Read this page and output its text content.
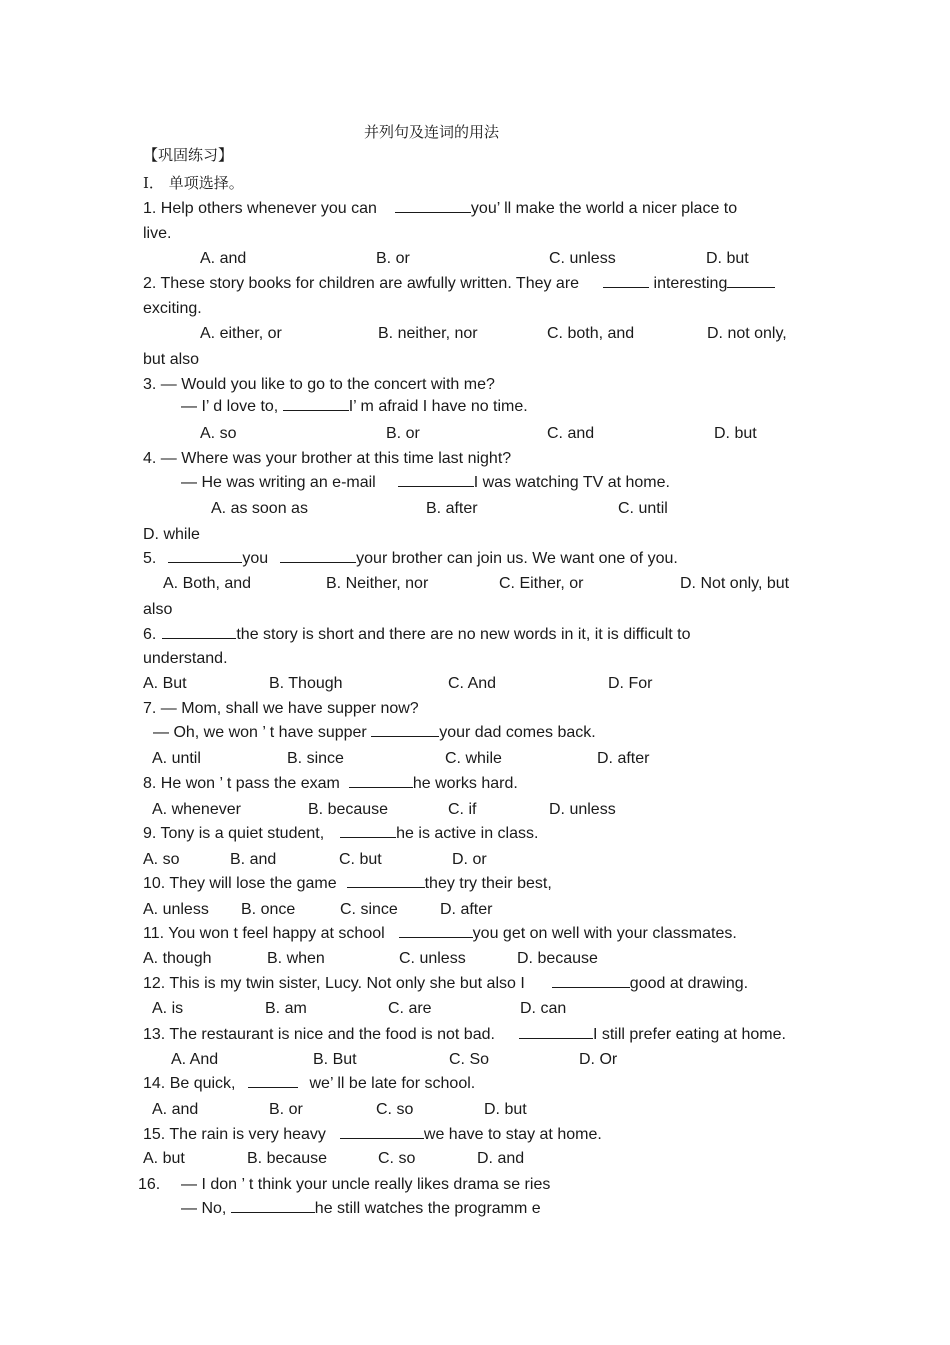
并列句及连词的用法
【巩固练习】
I． 单项选择。
1. Help others whenever you can	you’ ll make the world a nicer place to
live.
A. and	B. or	C. unless	D. but
2. These story books for children are awfully written. They are	interesting
exciting.
A. either, or	B. neither, nor	C. both, and	D. not only,
but also
3. — Would you like to go to the concert with me?
— I’ d love to,	I’ m afraid I have no time.
A. so	B. or	C. and	D. but
4. — Where was your brother at this time last night?
— He was writing an e-mail	I was watching TV at home.
A. as soon as	B. after	C. until
D. while
5.	you	your brother can join us. We want one of you.
A. Both, and	B. Neither, nor	C. Either, or	D. Not only, but
also
6.	the story is short and there are no new words in it, it is difficult to
understand.
A. But	B. Though	C. And	D. For
7. — Mom, shall we have supper now?
— Oh, we won ’ t have supper	your dad comes back.
A. until	B. since	C. while	D. after
8. He won ’ t pass the exam	he works hard.
A. whenever	B. because	C. if	D. unless
9. Tony is a quiet student,	he is active in class.
A. so	B. and	C. but	D. or
10. They will lose the game	they try their best,
A. unless B. once	C. since	D. after
11. You won t feel happy at school	you get on well with your classmates.
A. though	B. when	C. unless	D. because
12. This is my twin sister, Lucy. Not only she but also I	good at drawing.
A. is	B. am	C. are	D. can
13. The restaurant is nice and the food is not bad.	I still prefer eating at home.
A. And	B. But	C. So	D. Or
14. Be quick,	we’ ll be late for school.
A. and	B. or	C. so	D. but
15. The rain is very heavy	we have to stay at home.
A. but	B. because	C. so	D. and
16. — I don ’ t think your uncle really likes drama se ries
— No,	he still watches the programm e
